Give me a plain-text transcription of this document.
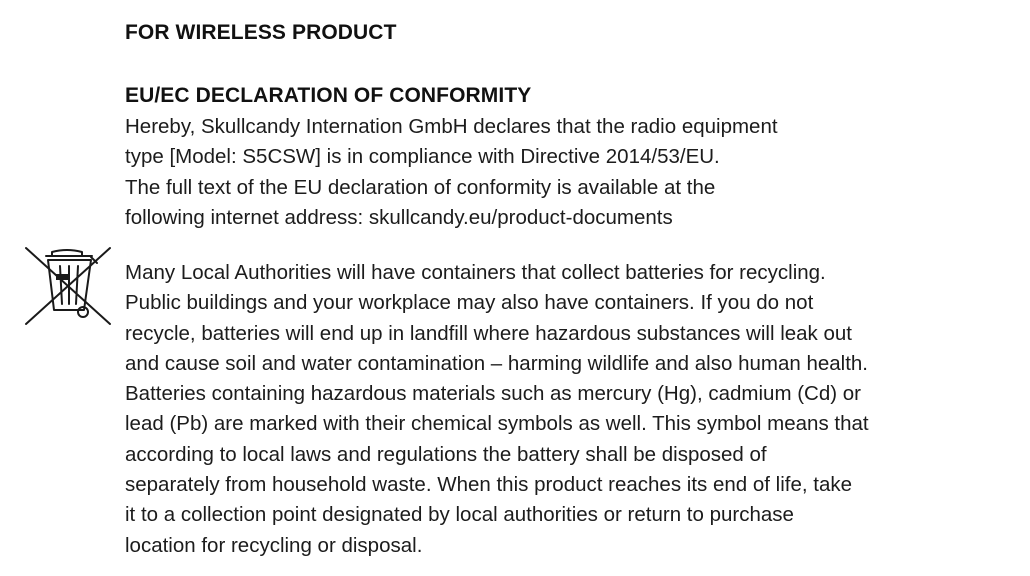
FOR WIRELESS PRODUCT
EU/EC DECLARATION OF CONFORMITY

Hereby, Skullcandy Internation GmbH declares that the radio equipment
type [Model: S5CSW] is in compliance with Directive 2014/53/EU.
The full text of the EU declaration of conformity is available at the
following internet address: skullcandy.eu/product-documents

Many Local Authorities will have containers that collect batteries for recycling.
Public buildings and your workplace may also have containers. If you do not
recycle, batteries will end up in landfill where hazardous substances will leak out
and cause soil and water contamination – harming wildlife and also human health.
Batteries containing hazardous materials such as mercury (Hg), cadmium (Cd) or
lead (Pb) are marked with their chemical symbols as well. This symbol means that
according to local laws and regulations the battery shall be disposed of
separately from household waste. When this product reaches its end of life, take
it to a collection point designated by local authorities or return to purchase
location for recycling or disposal.
